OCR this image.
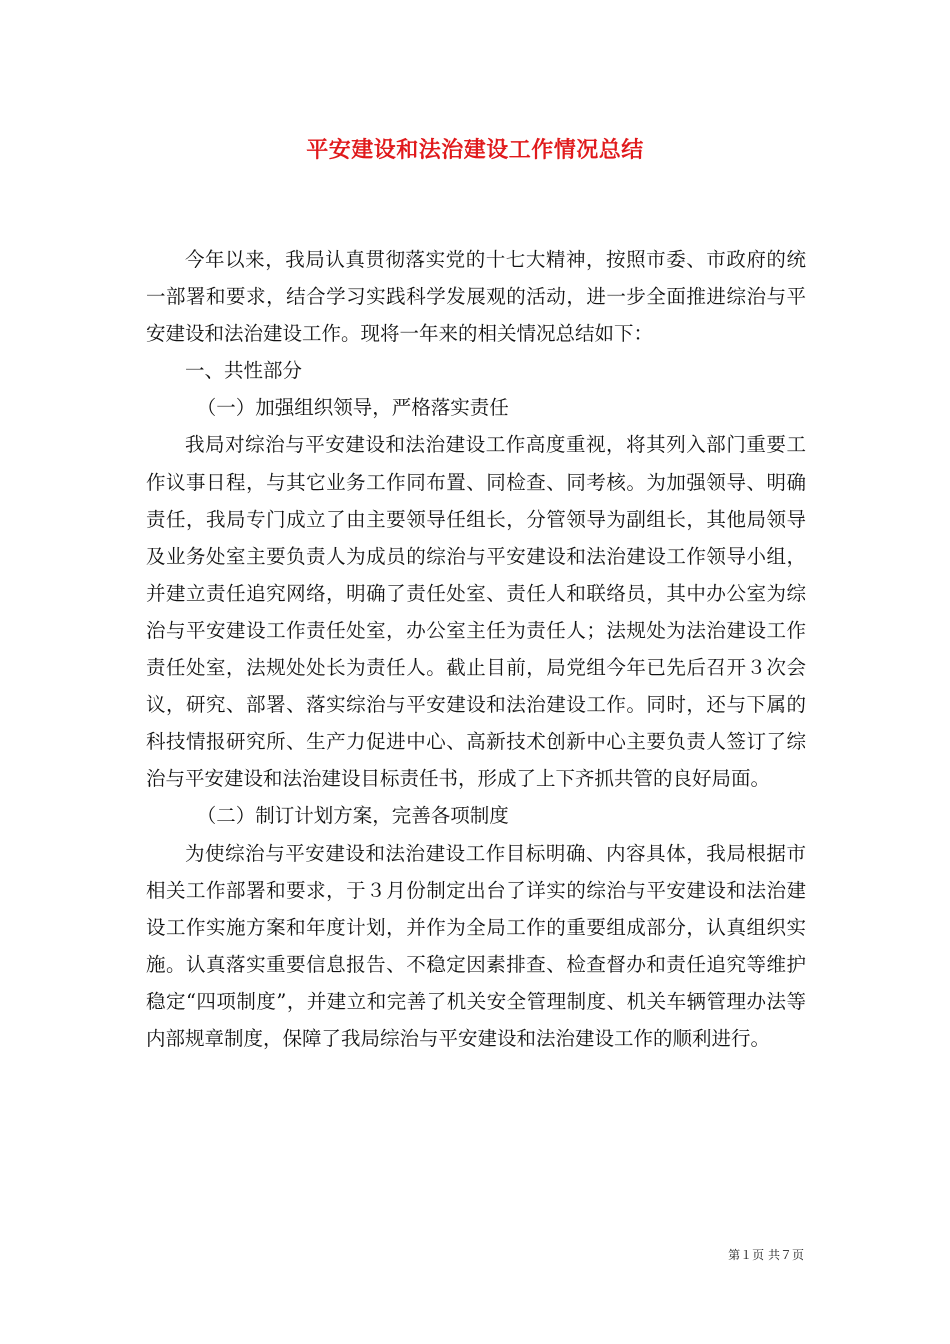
平安建设和法治建设工作情况总结

今年以来，我局认真贯彻落实党的十七大精神，按照市委、市政府的统一部署和要求，结合学习实践科学发展观的活动，进一步全面推进综治与平安建设和法治建设工作。现将一年来的相关情况总结如下：

一、共性部分

（一）加强组织领导，严格落实责任

我局对综治与平安建设和法治建设工作高度重视，将其列入部门重要工作议事日程，与其它业务工作同布置、同检查、同考核。为加强领导、明确责任，我局专门成立了由主要领导任组长，分管领导为副组长，其他局领导及业务处室主要负责人为成员的综治与平安建设和法治建设工作领导小组，并建立责任追究网络，明确了责任处室、责任人和联络员，其中办公室为综治与平安建设工作责任处室，办公室主任为责任人；法规处为法治建设工作责任处室，法规处处长为责任人。截止目前，局党组今年已先后召开３次会议，研究、部署、落实综治与平安建设和法治建设工作。同时，还与下属的科技情报研究所、生产力促进中心、高新技术创新中心主要负责人签订了综治与平安建设和法治建设目标责任书，形成了上下齐抓共管的良好局面。

（二）制订计划方案，完善各项制度

为使综治与平安建设和法治建设工作目标明确、内容具体，我局根据市相关工作部署和要求，于３月份制定出台了详实的综治与平安建设和法治建设工作实施方案和年度计划，并作为全局工作的重要组成部分，认真组织实施。认真落实重要信息报告、不稳定因素排查、检查督办和责任追究等维护稳定“四项制度”，并建立和完善了机关安全管理制度、机关车辆管理办法等内部规章制度，保障了我局综治与平安建设和法治建设工作的顺利进行。

第１页 共７页
